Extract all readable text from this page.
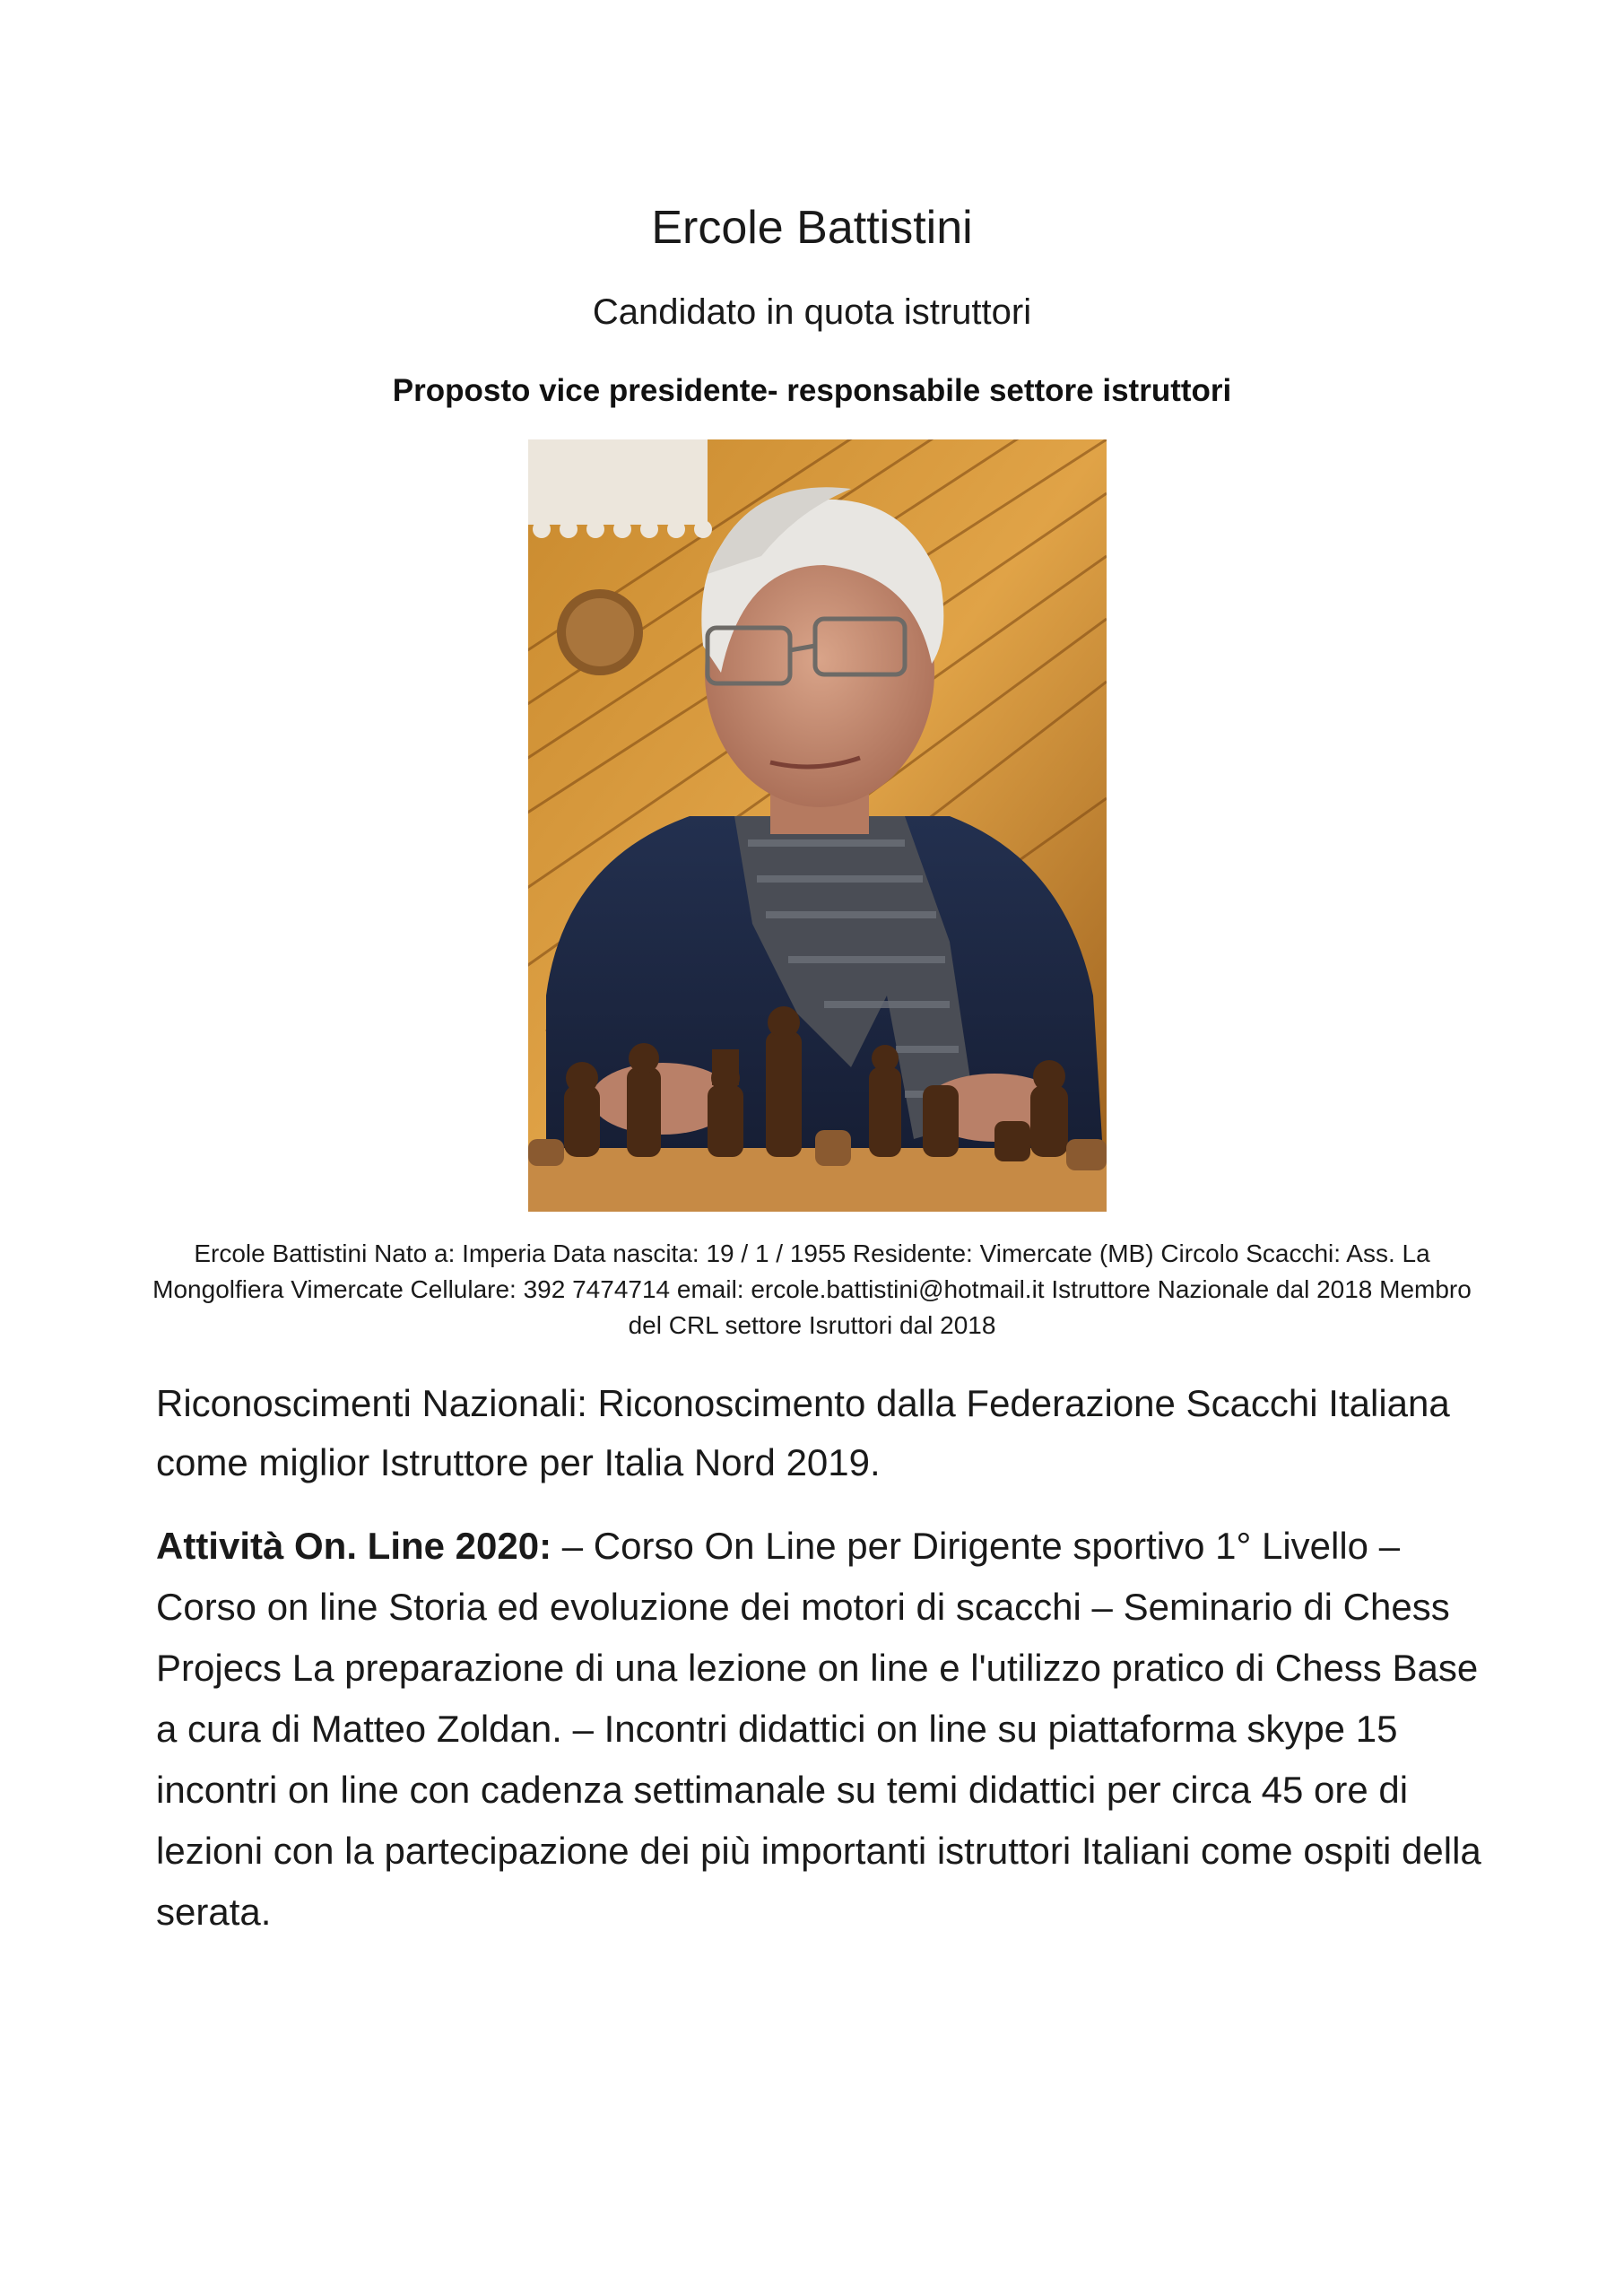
Ercole Battistini
Candidato in quota istruttori
Proposto vice presidente- responsabile settore istruttori
Ercole Battistini Nato a: Imperia Data nascita: 19 / 1 / 1955 Residente: Vimercate (MB) Circolo Scacchi: Ass. La Mongolfiera Vimercate Cellulare: 392 7474714 email: ercole.battistini@hotmail.it Istruttore Nazionale dal 2018 Membro del CRL settore Isruttori dal 2018
Riconoscimenti Nazionali: Riconoscimento dalla Federazione Scacchi Italiana come miglior Istruttore per Italia Nord 2019.
Attività On. Line 2020: – Corso On Line per Dirigente sportivo 1° Livello – Corso on line Storia ed evoluzione dei motori di scacchi – Seminario di Chess Projecs La preparazione di una lezione on line e l'utilizzo pratico di Chess Base a cura di Matteo Zoldan. – Incontri didattici on line su piattaforma skype 15 incontri on line con cadenza settimanale su temi didattici per circa 45 ore di lezioni con la partecipazione dei più importanti istruttori Italiani come ospiti della serata.
